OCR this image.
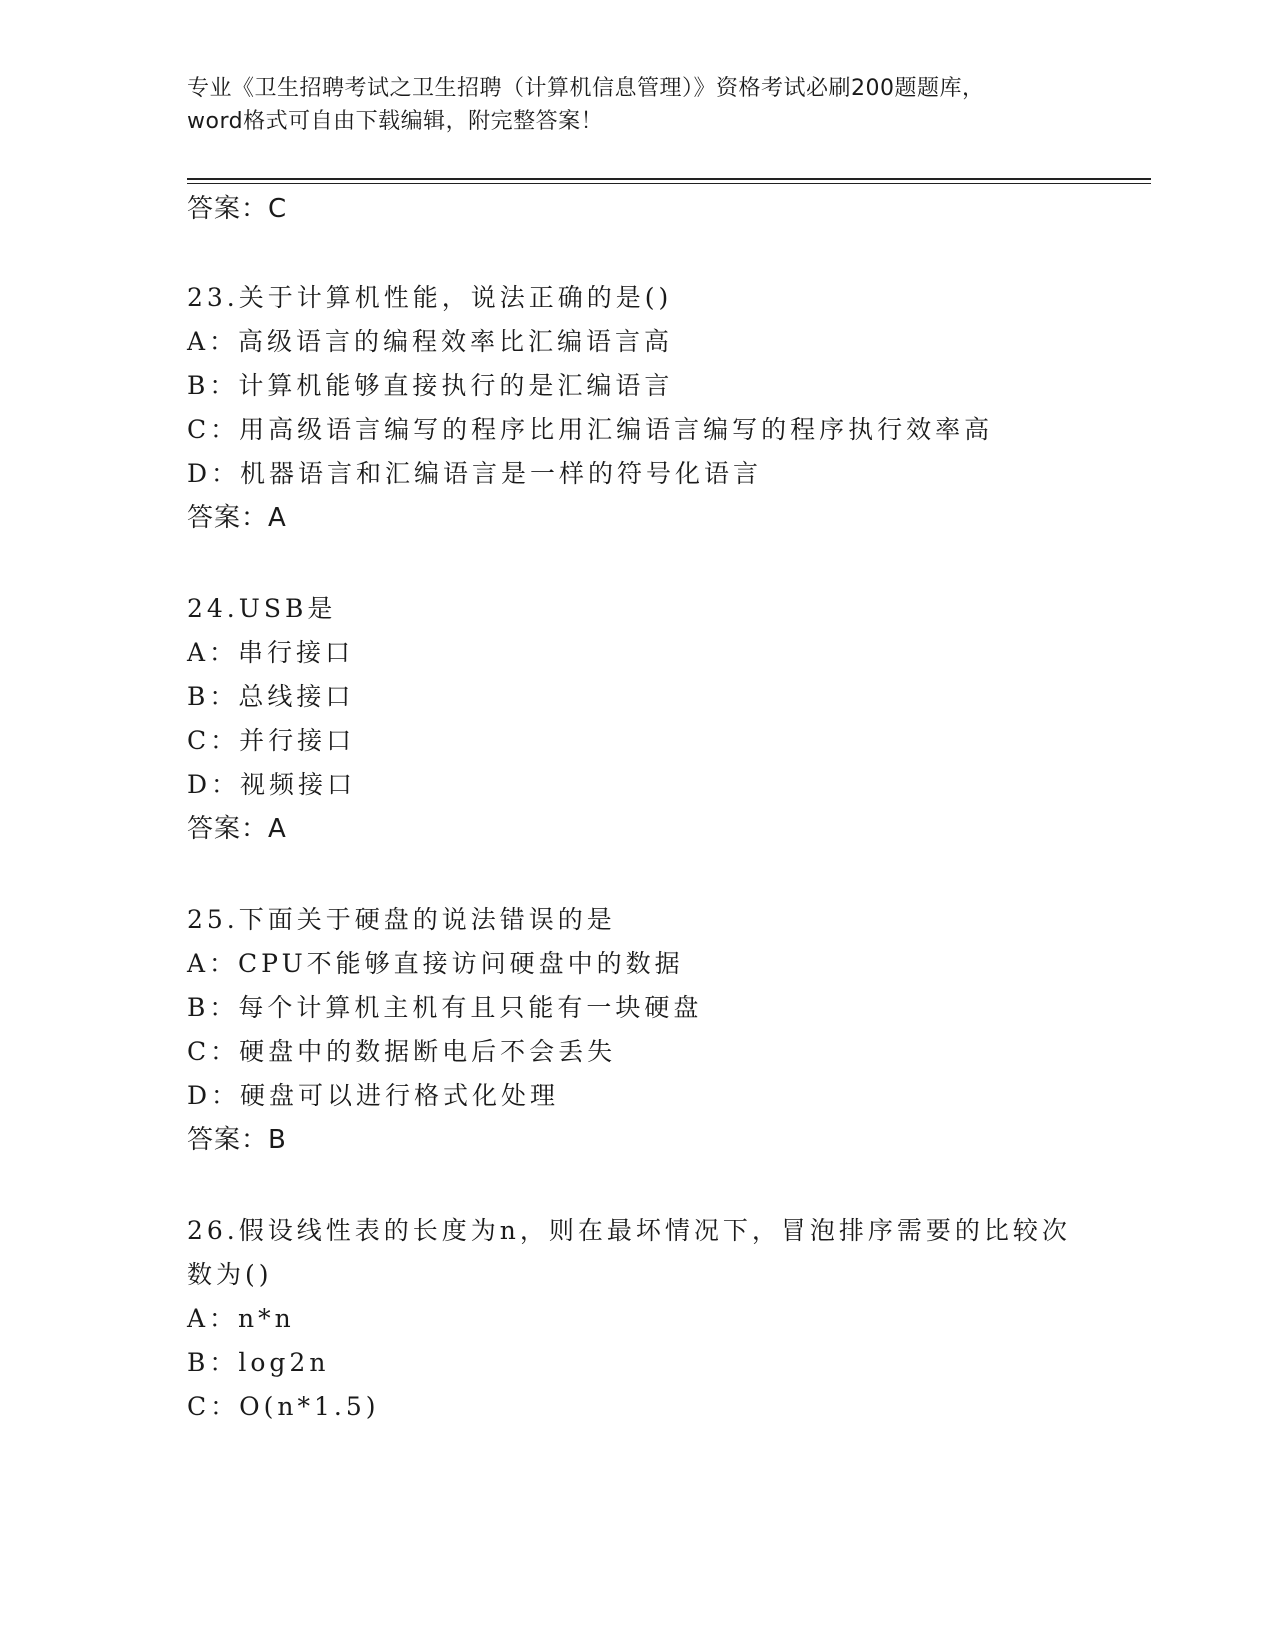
专业《卫生招聘考试之卫生招聘（计算机信息管理）》资格考试必刷200题题库，
word格式可自由下载编辑，附完整答案！
答案：C
23.关于计算机性能，说法正确的是()
A：高级语言的编程效率比汇编语言高
B：计算机能够直接执行的是汇编语言
C：用高级语言编写的程序比用汇编语言编写的程序执行效率高
D：机器语言和汇编语言是一样的符号化语言
答案：A
24.USB是
A：串行接口
B：总线接口
C：并行接口
D：视频接口
答案：A
25.下面关于硬盘的说法错误的是
A：CPU不能够直接访问硬盘中的数据
B：每个计算机主机有且只能有一块硬盘
C：硬盘中的数据断电后不会丢失
D：硬盘可以进行格式化处理
答案：B
26.假设线性表的长度为n，则在最坏情况下，冒泡排序需要的比较次
数为()
A：n*n
B：log2n
C：O(n*1.5)
